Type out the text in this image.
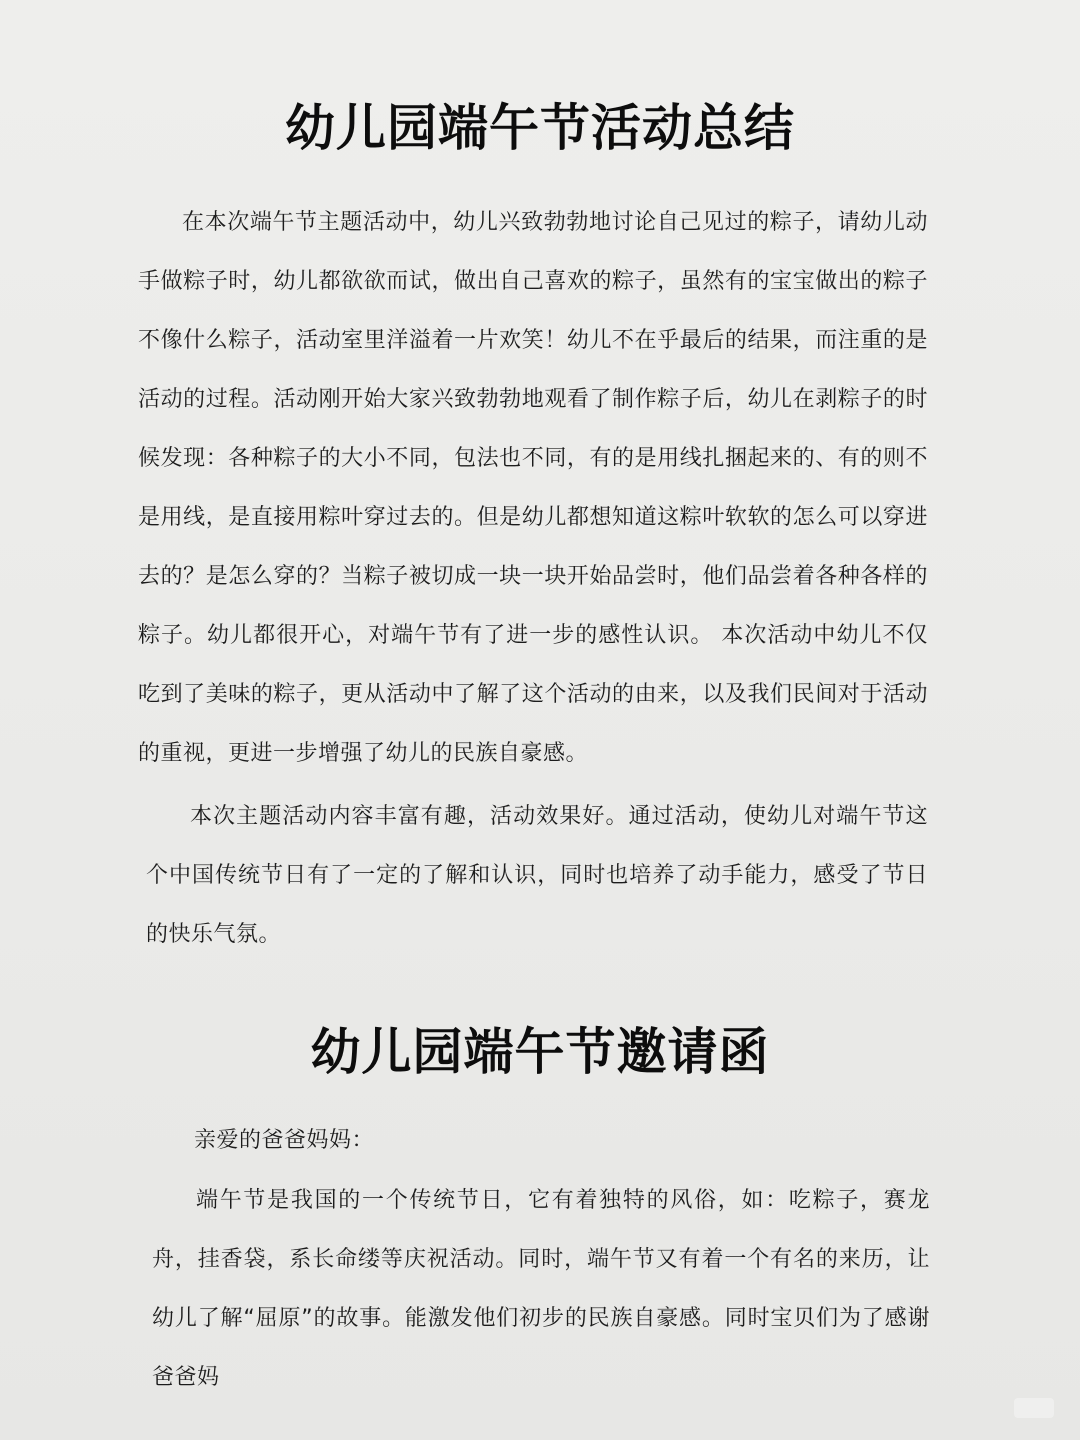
幼儿园端午节活动总结

在本次端午节主题活动中，幼儿兴致勃勃地讨论自己见过的粽子，请幼儿动手做粽子时，幼儿都欲欲而试，做出自己喜欢的粽子，虽然有的宝宝做出的粽子不像什么粽子，活动室里洋溢着一片欢笑！幼儿不在乎最后的结果，而注重的是活动的过程。活动刚开始大家兴致勃勃地观看了制作粽子后，幼儿在剥粽子的时候发现：各种粽子的大小不同，包法也不同，有的是用线扎捆起来的、有的则不是用线，是直接用粽叶穿过去的。但是幼儿都想知道这粽叶软软的怎么可以穿进去的？是怎么穿的？当粽子被切成一块一块开始品尝时，他们品尝着各种各样的粽子。幼儿都很开心，对端午节有了进一步的感性认识。 本次活动中幼儿不仅吃到了美味的粽子，更从活动中了解了这个活动的由来，以及我们民间对于活动的重视，更进一步增强了幼儿的民族自豪感。

本次主题活动内容丰富有趣，活动效果好。通过活动，使幼儿对端午节这个中国传统节日有了一定的了解和认识，同时也培养了动手能力，感受了节日的快乐气氛。

幼儿园端午节邀请函

亲爱的爸爸妈妈：

端午节是我国的一个传统节日，它有着独特的风俗，如：吃粽子，赛龙舟，挂香袋，系长命缕等庆祝活动。同时，端午节又有着一个有名的来历，让幼儿了解“屈原”的故事。能激发他们初步的民族自豪感。同时宝贝们为了感谢爸爸妈
